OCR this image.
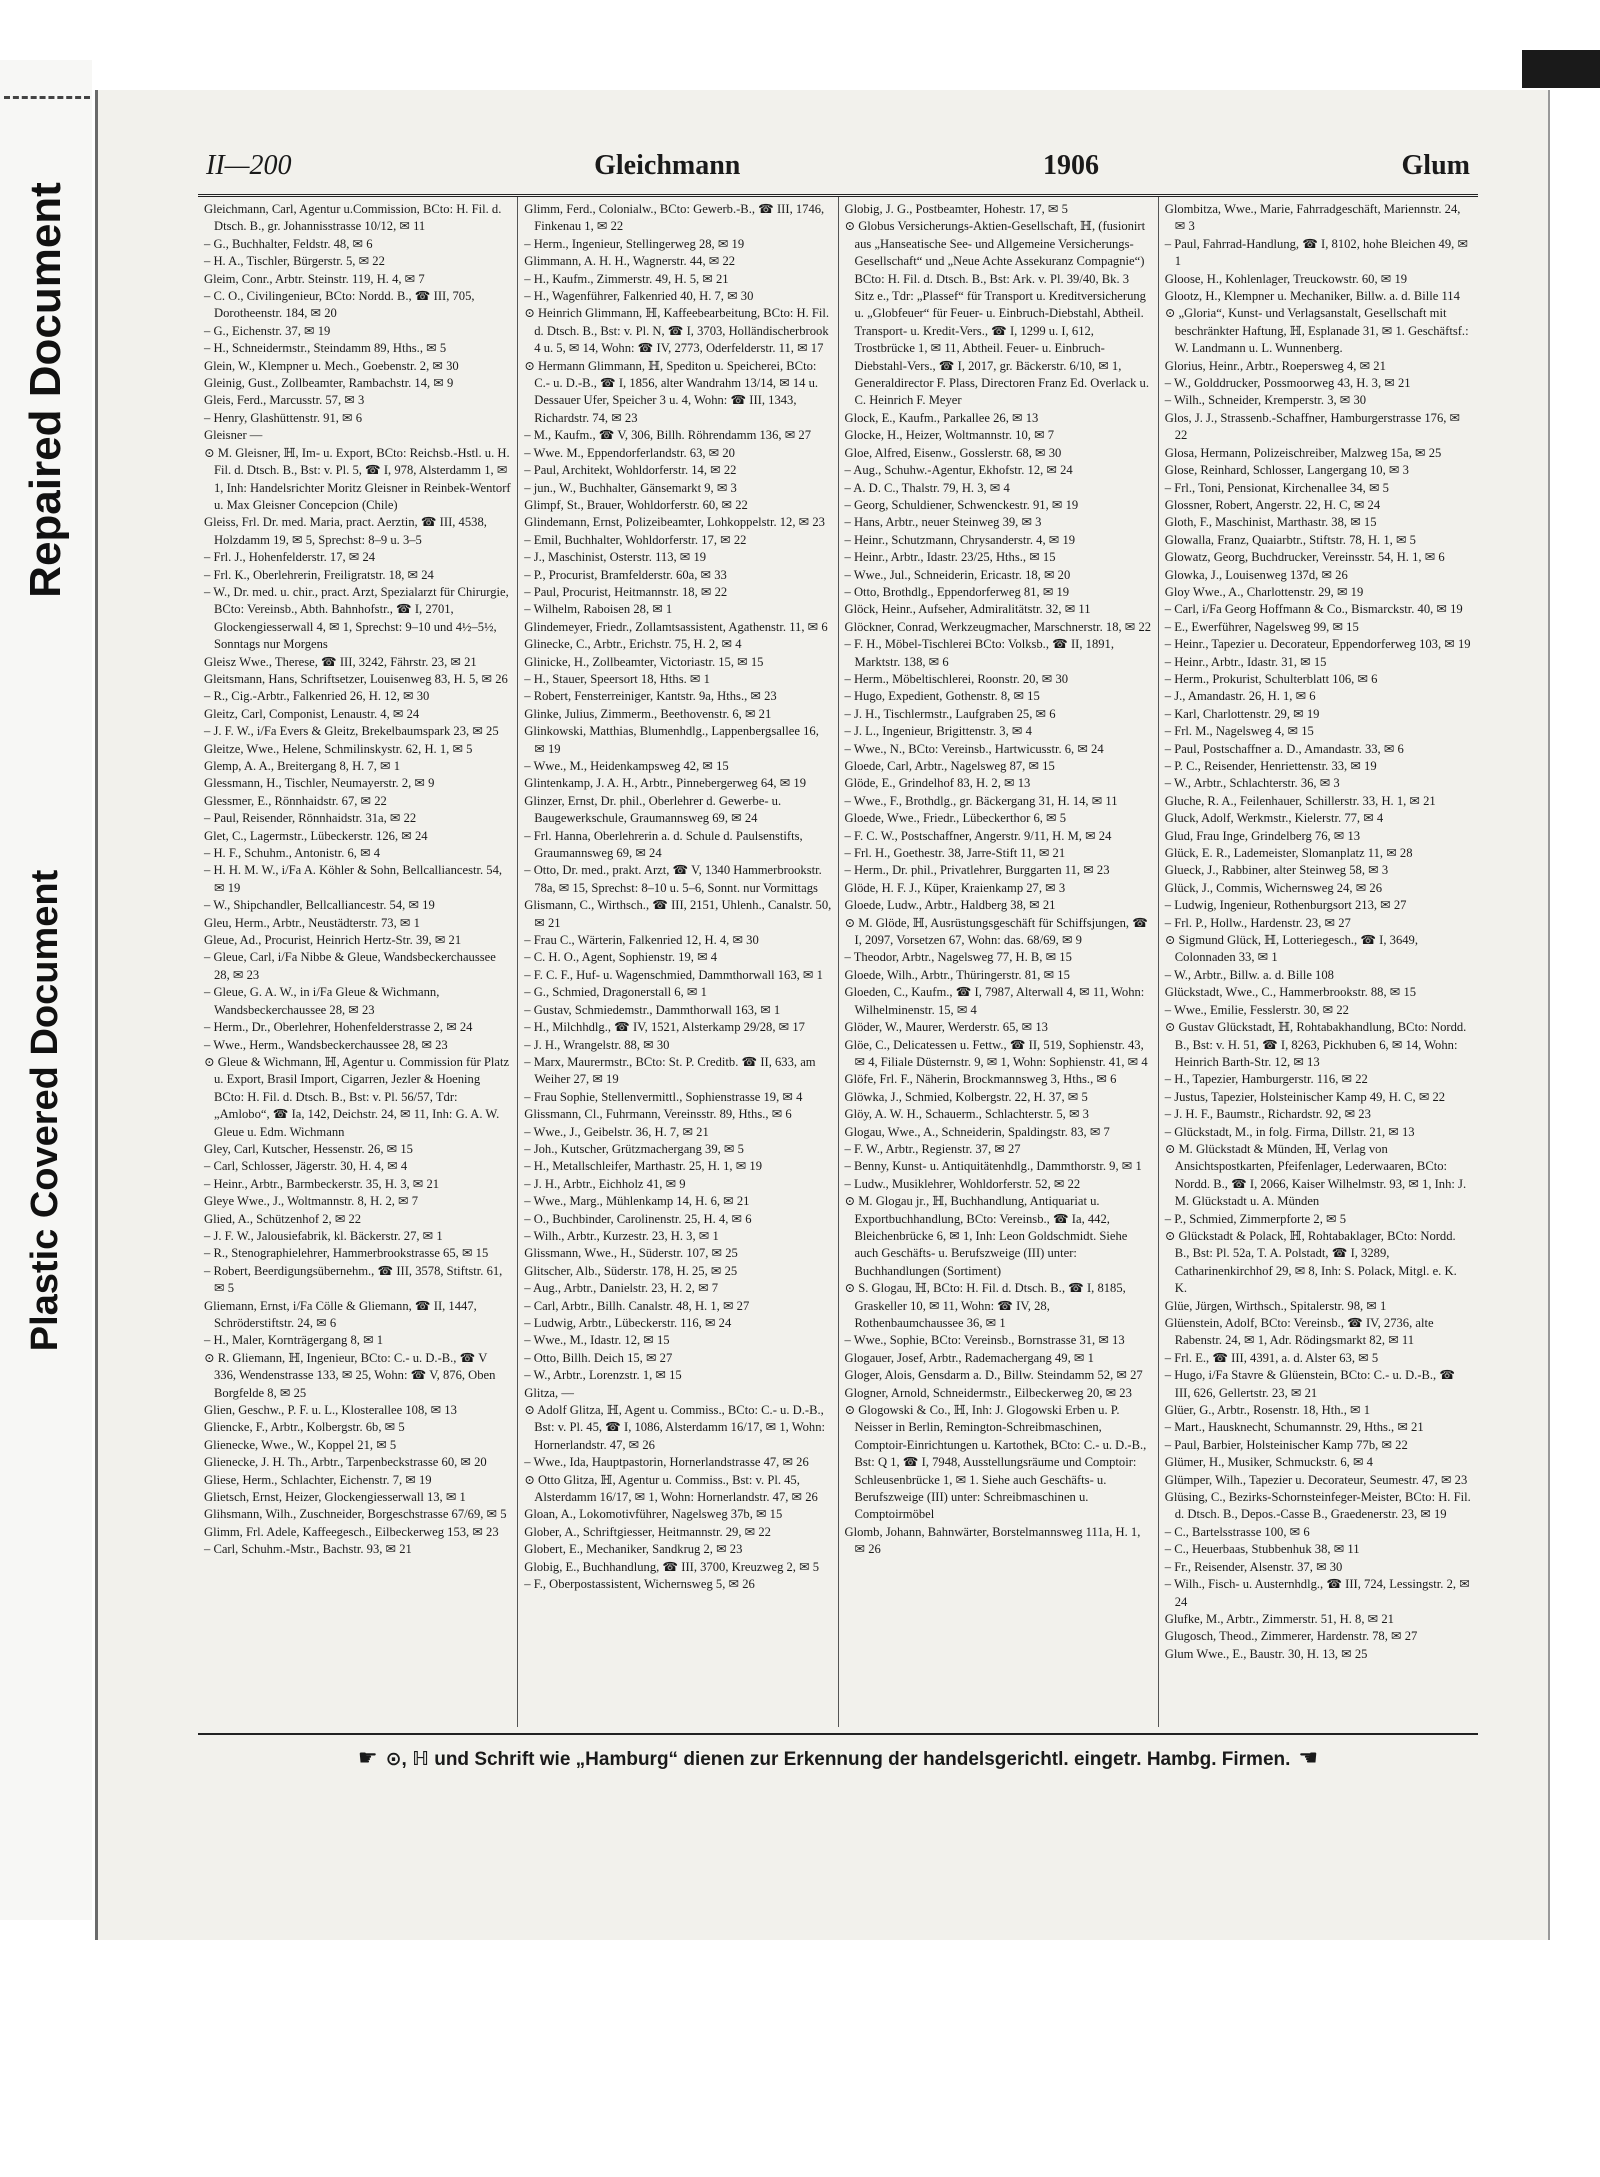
Repaired Document
Plastic Covered Document
II—200	Gleichmann	1906	Glum

Gleichmann, Carl, Agentur u.Commission, BCto: H. Fil. d. Dtsch. B., gr. Johannisstrasse 10/12, ✉ 11

– G., Buchhalter, Feldstr. 48, ✉ 6

– H. A., Tischler, Bürgerstr. 5, ✉ 22

Gleim, Conr., Arbtr. Steinstr. 119, H. 4, ✉ 7

– C. O., Civilingenieur, BCto: Nordd. B., ☎ III, 705, Dorotheenstr. 184, ✉ 20

– G., Eichenstr. 37, ✉ 19

– H., Schneidermstr., Steindamm 89, Hths., ✉ 5

Glein, W., Klempner u. Mech., Goebenstr. 2, ✉ 30

Gleinig, Gust., Zollbeamter, Rambachstr. 14, ✉ 9

Gleis, Ferd., Marcusstr. 57, ✉ 3

– Henry, Glashüttenstr. 91, ✉ 6

Gleisner —

⊙ M. Gleisner, ℍ, Im- u. Export, BCto: Reichsb.-Hstl. u. H. Fil. d. Dtsch. B., Bst: v. Pl. 5, ☎ I, 978, Alsterdamm 1, ✉ 1, Inh: Handelsrichter Moritz Gleisner in Reinbek-Wentorf u. Max Gleisner Concepcion (Chile)

Gleiss, Frl. Dr. med. Maria, pract. Aerztin, ☎ III, 4538, Holzdamm 19, ✉ 5, Sprechst: 8–9 u. 3–5

– Frl. J., Hohenfelderstr. 17, ✉ 24

– Frl. K., Oberlehrerin, Freiligratstr. 18, ✉ 24

– W., Dr. med. u. chir., pract. Arzt, Spezialarzt für Chirurgie, BCto: Vereinsb., Abth. Bahnhofstr., ☎ I, 2701, Glockengiesserwall 4, ✉ 1, Sprechst: 9–10 und 4½–5½, Sonntags nur Morgens

Gleisz Wwe., Therese, ☎ III, 3242, Fährstr. 23, ✉ 21

Gleitsmann, Hans, Schriftsetzer, Louisenweg 83, H. 5, ✉ 26

– R., Cig.-Arbtr., Falkenried 26, H. 12, ✉ 30

Gleitz, Carl, Componist, Lenaustr. 4, ✉ 24

– J. F. W., i/Fa Evers & Gleitz, Brekelbaumspark 23, ✉ 25

Gleitze, Wwe., Helene, Schmilinskystr. 62, H. 1, ✉ 5

Glemp, A. A., Breitergang 8, H. 7, ✉ 1

Glessmann, H., Tischler, Neumayerstr. 2, ✉ 9

Glessmer, E., Rönnhaidstr. 67, ✉ 22

– Paul, Reisender, Rönnhaidstr. 31a, ✉ 22

Glet, C., Lagermstr., Lübeckerstr. 126, ✉ 24

– H. F., Schuhm., Antonistr. 6, ✉ 4

– H. H. M. W., i/Fa A. Köhler & Sohn, Bellcalliancestr. 54, ✉ 19

– W., Shipchandler, Bellcalliancestr. 54, ✉ 19

Gleu, Herm., Arbtr., Neustädterstr. 73, ✉ 1

Gleue, Ad., Procurist, Heinrich Hertz-Str. 39, ✉ 21

– Gleue, Carl, i/Fa Nibbe & Gleue, Wandsbeckerchaussee 28, ✉ 23

– Gleue, G. A. W., in i/Fa Gleue & Wichmann, Wandsbeckerchaussee 28, ✉ 23

– Herm., Dr., Oberlehrer, Hohenfelderstrasse 2, ✉ 24

– Wwe., Herm., Wandsbeckerchaussee 28, ✉ 23

⊙ Gleue & Wichmann, ℍ, Agentur u. Commission für Platz u. Export, Brasil Import, Cigarren, Jezler & Hoening BCto: H. Fil. d. Dtsch. B., Bst: v. Pl. 56/57, Tdr: „Amlobo“, ☎ Ia, 142, Deichstr. 24, ✉ 11, Inh: G. A. W. Gleue u. Edm. Wichmann

Gley, Carl, Kutscher, Hessenstr. 26, ✉ 15

– Carl, Schlosser, Jägerstr. 30, H. 4, ✉ 4

– Heinr., Arbtr., Barmbeckerstr. 35, H. 3, ✉ 21

Gleye Wwe., J., Woltmannstr. 8, H. 2, ✉ 7

Glied, A., Schützenhof 2, ✉ 22

– J. F. W., Jalousiefabrik, kl. Bäckerstr. 27, ✉ 1

– R., Stenographielehrer, Hammerbrookstrasse 65, ✉ 15

– Robert, Beerdigungsübernehm., ☎ III, 3578, Stiftstr. 61, ✉ 5

Gliemann, Ernst, i/Fa Cölle & Gliemann, ☎ II, 1447, Schröderstiftstr. 24, ✉ 6

– H., Maler, Kornträgergang 8, ✉ 1

⊙ R. Gliemann, ℍ, Ingenieur, BCto: C.- u. D.-B., ☎ V 336, Wendenstrasse 133, ✉ 25, Wohn: ☎ V, 876, Oben Borgfelde 8, ✉ 25

Glien, Geschw., P. F. u. L., Klosterallee 108, ✉ 13

Gliencke, F., Arbtr., Kolbergstr. 6b, ✉ 5

Glienecke, Wwe., W., Koppel 21, ✉ 5

Glienecke, J. H. Th., Arbtr., Tarpenbeckstrasse 60, ✉ 20

Gliese, Herm., Schlachter, Eichenstr. 7, ✉ 19

Glietsch, Ernst, Heizer, Glockengiesserwall 13, ✉ 1

Glihsmann, Wilh., Zuschneider, Borgeschstrasse 67/69, ✉ 5

Glimm, Frl. Adele, Kaffeegesch., Eilbeckerweg 153, ✉ 23

– Carl, Schuhm.-Mstr., Bachstr. 93, ✉ 21

Glimm, Ferd., Colonialw., BCto: Gewerb.-B., ☎ III, 1746, Finkenau 1, ✉ 22

– Herm., Ingenieur, Stellingerweg 28, ✉ 19

Glimmann, A. H. H., Wagnerstr. 44, ✉ 22

– H., Kaufm., Zimmerstr. 49, H. 5, ✉ 21

– H., Wagenführer, Falkenried 40, H. 7, ✉ 30

⊙ Heinrich Glimmann, ℍ, Kaffeebearbeitung, BCto: H. Fil. d. Dtsch. B., Bst: v. Pl. N, ☎ I, 3703, Holländischerbrook 4 u. 5, ✉ 14, Wohn: ☎ IV, 2773, Oderfelderstr. 11, ✉ 17

⊙ Hermann Glimmann, ℍ, Spediton u. Speicherei, BCto: C.- u. D.-B., ☎ I, 1856, alter Wandrahm 13/14, ✉ 14 u. Dessauer Ufer, Speicher 3 u. 4, Wohn: ☎ III, 1343, Richardstr. 74, ✉ 23

– M., Kaufm., ☎ V, 306, Billh. Röhrendamm 136, ✉ 27

– Wwe. M., Eppendorferlandstr. 63, ✉ 20

– Paul, Architekt, Wohldorferstr. 14, ✉ 22

– jun., W., Buchhalter, Gänsemarkt 9, ✉ 3

Glimpf, St., Brauer, Wohldorferstr. 60, ✉ 22

Glindemann, Ernst, Polizeibeamter, Lohkoppelstr. 12, ✉ 23

– Emil, Buchhalter, Wohldorferstr. 17, ✉ 22

– J., Maschinist, Osterstr. 113, ✉ 19

– P., Procurist, Bramfelderstr. 60a, ✉ 33

– Paul, Procurist, Heitmannstr. 18, ✉ 22

– Wilhelm, Raboisen 28, ✉ 1

Glindemeyer, Friedr., Zollamtsassistent, Agathenstr. 11, ✉ 6

Glinecke, C., Arbtr., Erichstr. 75, H. 2, ✉ 4

Glinicke, H., Zollbeamter, Victoriastr. 15, ✉ 15

– H., Stauer, Speersort 18, Hths. ✉ 1

– Robert, Fensterreiniger, Kantstr. 9a, Hths., ✉ 23

Glinke, Julius, Zimmerm., Beethovenstr. 6, ✉ 21

Glinkowski, Matthias, Blumenhdlg., Lappenbergsallee 16, ✉ 19

– Wwe., M., Heidenkampsweg 42, ✉ 15

Glintenkamp, J. A. H., Arbtr., Pinnebergerweg 64, ✉ 19

Glinzer, Ernst, Dr. phil., Oberlehrer d. Gewerbe- u. Baugewerkschule, Graumannsweg 69, ✉ 24

– Frl. Hanna, Oberlehrerin a. d. Schule d. Paulsenstifts, Graumannsweg 69, ✉ 24

– Otto, Dr. med., prakt. Arzt, ☎ V, 1340 Hammerbrookstr. 78a, ✉ 15, Sprechst: 8–10 u. 5–6, Sonnt. nur Vormittags

Glismann, C., Wirthsch., ☎ III, 2151, Uhlenh., Canalstr. 50, ✉ 21

– Frau C., Wärterin, Falkenried 12, H. 4, ✉ 30

– C. H. O., Agent, Sophienstr. 19, ✉ 4

– F. C. F., Huf- u. Wagenschmied, Dammthorwall 163, ✉ 1

– G., Schmied, Dragonerstall 6, ✉ 1

– Gustav, Schmiedemstr., Dammthorwall 163, ✉ 1

– H., Milchhdlg., ☎ IV, 1521, Alsterkamp 29/28, ✉ 17

– J. H., Wrangelstr. 88, ✉ 30

– Marx, Maurermstr., BCto: St. P. Creditb. ☎ II, 633, am Weiher 27, ✉ 19

– Frau Sophie, Stellenvermittl., Sophienstrasse 19, ✉ 4

Glissmann, Cl., Fuhrmann, Vereinsstr. 89, Hths., ✉ 6

– Wwe., J., Geibelstr. 36, H. 7, ✉ 21

– Joh., Kutscher, Grützmachergang 39, ✉ 5

– H., Metallschleifer, Marthastr. 25, H. 1, ✉ 19

– J. H., Arbtr., Eichholz 41, ✉ 9

– Wwe., Marg., Mühlenkamp 14, H. 6, ✉ 21

– O., Buchbinder, Carolinenstr. 25, H. 4, ✉ 6

– Wilh., Arbtr., Kurzestr. 23, H. 3, ✉ 1

Glissmann, Wwe., H., Süderstr. 107, ✉ 25

Glitscher, Alb., Süderstr. 178, H. 25, ✉ 25

– Aug., Arbtr., Danielstr. 23, H. 2, ✉ 7

– Carl, Arbtr., Billh. Canalstr. 48, H. 1, ✉ 27

– Ludwig, Arbtr., Lübeckerstr. 116, ✉ 24

– Wwe., M., Idastr. 12, ✉ 15

– Otto, Billh. Deich 15, ✉ 27

– W., Arbtr., Lorenzstr. 1, ✉ 15

Glitza, —

⊙ Adolf Glitza, ℍ, Agent u. Commiss., BCto: C.- u. D.-B., Bst: v. Pl. 45, ☎ I, 1086, Alsterdamm 16/17, ✉ 1, Wohn: Hornerlandstr. 47, ✉ 26

– Wwe., Ida, Hauptpastorin, Hornerlandstrasse 47, ✉ 26

⊙ Otto Glitza, ℍ, Agentur u. Commiss., Bst: v. Pl. 45, Alsterdamm 16/17, ✉ 1, Wohn: Hornerlandstr. 47, ✉ 26

Gloan, A., Lokomotivführer, Nagelsweg 37b, ✉ 15

Glober, A., Schriftgiesser, Heitmannstr. 29, ✉ 22

Globert, E., Mechaniker, Sandkrug 2, ✉ 23

Globig, E., Buchhandlung, ☎ III, 3700, Kreuzweg 2, ✉ 5

– F., Oberpostassistent, Wichernsweg 5, ✉ 26

Globig, J. G., Postbeamter, Hohestr. 17, ✉ 5

⊙ Globus Versicherungs-Aktien-Gesellschaft, ℍ, (fusionirt aus „Hanseatische See- und Allgemeine Versicherungs-Gesellschaft“ und „Neue Achte Assekuranz Compagnie“) BCto: H. Fil. d. Dtsch. B., Bst: Ark. v. Pl. 39/40, Bk. 3 Sitz e., Tdr: „Plassef“ für Transport u. Kreditversicherung u. „Globfeuer“ für Feuer- u. Einbruch-Diebstahl, Abtheil. Transport- u. Kredit-Vers., ☎ I, 1299 u. I, 612, Trostbrücke 1, ✉ 11, Abtheil. Feuer- u. Einbruch-Diebstahl-Vers., ☎ I, 2017, gr. Bäckerstr. 6/10, ✉ 1, Generaldirector F. Plass, Directoren Franz Ed. Overlack u. C. Heinrich F. Meyer

Glock, E., Kaufm., Parkallee 26, ✉ 13

Glocke, H., Heizer, Woltmannstr. 10, ✉ 7

Gloe, Alfred, Eisenw., Gosslerstr. 68, ✉ 30

– Aug., Schuhw.-Agentur, Ekhofstr. 12, ✉ 24

– A. D. C., Thalstr. 79, H. 3, ✉ 4

– Georg, Schuldiener, Schwenckestr. 91, ✉ 19

– Hans, Arbtr., neuer Steinweg 39, ✉ 3

– Heinr., Schutzmann, Chrysanderstr. 4, ✉ 19

– Heinr., Arbtr., Idastr. 23/25, Hths., ✉ 15

– Wwe., Jul., Schneiderin, Ericastr. 18, ✉ 20

– Otto, Brothdlg., Eppendorferweg 81, ✉ 19

Glöck, Heinr., Aufseher, Admiralitätstr. 32, ✉ 11

Glöckner, Conrad, Werkzeugmacher, Marschnerstr. 18, ✉ 22

– F. H., Möbel-Tischlerei BCto: Volksb., ☎ II, 1891, Marktstr. 138, ✉ 6

– Herm., Möbeltischlerei, Roonstr. 20, ✉ 30

– Hugo, Expedient, Gothenstr. 8, ✉ 15

– J. H., Tischlermstr., Laufgraben 25, ✉ 6

– J. L., Ingenieur, Brigittenstr. 3, ✉ 4

– Wwe., N., BCto: Vereinsb., Hartwicusstr. 6, ✉ 24

Gloede, Carl, Arbtr., Nagelsweg 87, ✉ 15

Glöde, E., Grindelhof 83, H. 2, ✉ 13

– Wwe., F., Brothdlg., gr. Bäckergang 31, H. 14, ✉ 11

Gloede, Wwe., Friedr., Lübeckerthor 6, ✉ 5

– F. C. W., Postschaffner, Angerstr. 9/11, H. M, ✉ 24

– Frl. H., Goethestr. 38, Jarre-Stift 11, ✉ 21

– Herm., Dr. phil., Privatlehrer, Burggarten 11, ✉ 23

Glöde, H. F. J., Küper, Kraienkamp 27, ✉ 3

Gloede, Ludw., Arbtr., Haldberg 38, ✉ 21

⊙ M. Glöde, ℍ, Ausrüstungsgeschäft für Schiffsjungen, ☎ I, 2097, Vorsetzen 67, Wohn: das. 68/69, ✉ 9

– Theodor, Arbtr., Nagelsweg 77, H. B, ✉ 15

Gloede, Wilh., Arbtr., Thüringerstr. 81, ✉ 15

Gloeden, C., Kaufm., ☎ I, 7987, Alterwall 4, ✉ 11, Wohn: Wilhelminenstr. 15, ✉ 4

Glöder, W., Maurer, Werderstr. 65, ✉ 13

Glöe, C., Delicatessen u. Fettw., ☎ II, 519, Sophienstr. 43, ✉ 4, Filiale Düsternstr. 9, ✉ 1, Wohn: Sophienstr. 41, ✉ 4

Glöfe, Frl. F., Näherin, Brockmannsweg 3, Hths., ✉ 6

Glöwka, J., Schmied, Kolbergstr. 22, H. 37, ✉ 5

Glöy, A. W. H., Schauerm., Schlachterstr. 5, ✉ 3

Glogau, Wwe., A., Schneiderin, Spaldingstr. 83, ✉ 7

– F. W., Arbtr., Regienstr. 37, ✉ 27

– Benny, Kunst- u. Antiquitätenhdlg., Dammthorstr. 9, ✉ 1

– Ludw., Musiklehrer, Wohldorferstr. 52, ✉ 22

⊙ M. Glogau jr., ℍ, Buchhandlung, Antiquariat u. Exportbuchhandlung, BCto: Vereinsb., ☎ Ia, 442, Bleichenbrücke 6, ✉ 1, Inh: Leon Goldschmidt. Siehe auch Geschäfts- u. Berufszweige (III) unter: Buchhandlungen (Sortiment)

⊙ S. Glogau, ℍ, BCto: H. Fil. d. Dtsch. B., ☎ I, 8185, Graskeller 10, ✉ 11, Wohn: ☎ IV, 28, Rothenbaumchaussee 36, ✉ 1

– Wwe., Sophie, BCto: Vereinsb., Bornstrasse 31, ✉ 13

Glogauer, Josef, Arbtr., Rademachergang 49, ✉ 1

Gloger, Alois, Gensdarm a. D., Billw. Steindamm 52, ✉ 27

Glogner, Arnold, Schneidermstr., Eilbeckerweg 20, ✉ 23

⊙ Glogowski & Co., ℍ, Inh: J. Glogowski Erben u. P. Neisser in Berlin, Remington-Schreibmaschinen, Comptoir-Einrichtungen u. Kartothek, BCto: C.- u. D.-B., Bst: Q 1, ☎ I, 7948, Ausstellungsräume und Comptoir: Schleusenbrücke 1, ✉ 1. Siehe auch Geschäfts- u. Berufszweige (III) unter: Schreibmaschinen u. Comptoirmöbel

Glomb, Johann, Bahnwärter, Borstelmannsweg 111a, H. 1, ✉ 26

Glombitza, Wwe., Marie, Fahrradgeschäft, Mariennstr. 24, ✉ 3

– Paul, Fahrrad-Handlung, ☎ I, 8102, hohe Bleichen 49, ✉ 1

Gloose, H., Kohlenlager, Treuckowstr. 60, ✉ 19

Glootz, H., Klempner u. Mechaniker, Billw. a. d. Bille 114

⊙ „Gloria“, Kunst- und Verlagsanstalt, Gesellschaft mit beschränkter Haftung, ℍ, Esplanade 31, ✉ 1. Geschäftsf.: W. Landmann u. L. Wunnenberg.

Glorius, Heinr., Arbtr., Roepersweg 4, ✉ 21

– W., Golddrucker, Possmoorweg 43, H. 3, ✉ 21

– Wilh., Schneider, Kremperstr. 3, ✉ 30

Glos, J. J., Strassenb.-Schaffner, Hamburgerstrasse 176, ✉ 22

Glosa, Hermann, Polizeischreiber, Malzweg 15a, ✉ 25

Glose, Reinhard, Schlosser, Langergang 10, ✉ 3

– Frl., Toni, Pensionat, Kirchenallee 34, ✉ 5

Glossner, Robert, Angerstr. 22, H. C, ✉ 24

Gloth, F., Maschinist, Marthastr. 38, ✉ 15

Glowalla, Franz, Quaiarbtr., Stiftstr. 78, H. 1, ✉ 5

Glowatz, Georg, Buchdrucker, Vereinsstr. 54, H. 1, ✉ 6

Glowka, J., Louisenweg 137d, ✉ 26

Gloy Wwe., A., Charlottenstr. 29, ✉ 19

– Carl, i/Fa Georg Hoffmann & Co., Bismarckstr. 40, ✉ 19

– E., Ewerführer, Nagelsweg 99, ✉ 15

– Heinr., Tapezier u. Decorateur, Eppendorferweg 103, ✉ 19

– Heinr., Arbtr., Idastr. 31, ✉ 15

– Herm., Prokurist, Schulterblatt 106, ✉ 6

– J., Amandastr. 26, H. 1, ✉ 6

– Karl, Charlottenstr. 29, ✉ 19

– Frl. M., Nagelsweg 4, ✉ 15

– Paul, Postschaffner a. D., Amandastr. 33, ✉ 6

– P. C., Reisender, Henriettenstr. 33, ✉ 19

– W., Arbtr., Schlachterstr. 36, ✉ 3

Gluche, R. A., Feilenhauer, Schillerstr. 33, H. 1, ✉ 21

Gluck, Adolf, Werkmstr., Kielerstr. 77, ✉ 4

Glud, Frau Inge, Grindelberg 76, ✉ 13

Glück, E. R., Lademeister, Slomanplatz 11, ✉ 28

Glueck, J., Rabbiner, alter Steinweg 58, ✉ 3

Glück, J., Commis, Wichernsweg 24, ✉ 26

– Ludwig, Ingenieur, Rothenburgsort 213, ✉ 27

– Frl. P., Hollw., Hardenstr. 23, ✉ 27

⊙ Sigmund Glück, ℍ, Lotteriegesch., ☎ I, 3649, Colonnaden 33, ✉ 1

– W., Arbtr., Billw. a. d. Bille 108

Glückstadt, Wwe., C., Hammerbrookstr. 88, ✉ 15

– Wwe., Emilie, Fesslerstr. 30, ✉ 22

⊙ Gustav Glückstadt, ℍ, Rohtabakhandlung, BCto: Nordd. B., Bst: v. H. 51, ☎ I, 8263, Pickhuben 6, ✉ 14, Wohn: Heinrich Barth-Str. 12, ✉ 13

– H., Tapezier, Hamburgerstr. 116, ✉ 22

– Justus, Tapezier, Holsteinischer Kamp 49, H. C, ✉ 22

– J. H. F., Baumstr., Richardstr. 92, ✉ 23

– Glückstadt, M., in folg. Firma, Dillstr. 21, ✉ 13

⊙ M. Glückstadt & Münden, ℍ, Verlag von Ansichtspostkarten, Pfeifenlager, Lederwaaren, BCto: Nordd. B., ☎ I, 2066, Kaiser Wilhelmstr. 93, ✉ 1, Inh: J. M. Glückstadt u. A. Münden

– P., Schmied, Zimmerpforte 2, ✉ 5

⊙ Glückstadt & Polack, ℍ, Rohtabaklager, BCto: Nordd. B., Bst: Pl. 52a, T. A. Polstadt, ☎ I, 3289, Catharinenkirchhof 29, ✉ 8, Inh: S. Polack, Mitgl. e. K. K.

Glüe, Jürgen, Wirthsch., Spitalerstr. 98, ✉ 1

Glüenstein, Adolf, BCto: Vereinsb., ☎ IV, 2736, alte Rabenstr. 24, ✉ 1, Adr. Rödingsmarkt 82, ✉ 11

– Frl. E., ☎ III, 4391, a. d. Alster 63, ✉ 5

– Hugo, i/Fa Stavre & Glüenstein, BCto: C.- u. D.-B., ☎ III, 626, Gellertstr. 23, ✉ 21

Glüer, G., Arbtr., Rosenstr. 18, Hth., ✉ 1

– Mart., Hausknecht, Schumannstr. 29, Hths., ✉ 21

– Paul, Barbier, Holsteinischer Kamp 77b, ✉ 22

Glümer, H., Musiker, Schmuckstr. 6, ✉ 4

Glümper, Wilh., Tapezier u. Decorateur, Seumestr. 47, ✉ 23

Glüsing, C., Bezirks-Schornsteinfeger-Meister, BCto: H. Fil. d. Dtsch. B., Depos.-Casse B., Graedenerstr. 23, ✉ 19

– C., Bartelsstrasse 100, ✉ 6

– C., Heuerbaas, Stubbenhuk 38, ✉ 11

– Fr., Reisender, Alsenstr. 37, ✉ 30

– Wilh., Fisch- u. Austernhdlg., ☎ III, 724, Lessingstr. 2, ✉ 24

Glufke, M., Arbtr., Zimmerstr. 51, H. 8, ✉ 21

Glugosch, Theod., Zimmerer, Hardenstr. 78, ✉ 27

Glum Wwe., E., Baustr. 30, H. 13, ✉ 25

☛ ⊙, ℍ und Schrift wie „Hamburg“ dienen zur Erkennung der handelsgerichtl. eingetr. Hambg. Firmen. ☚
